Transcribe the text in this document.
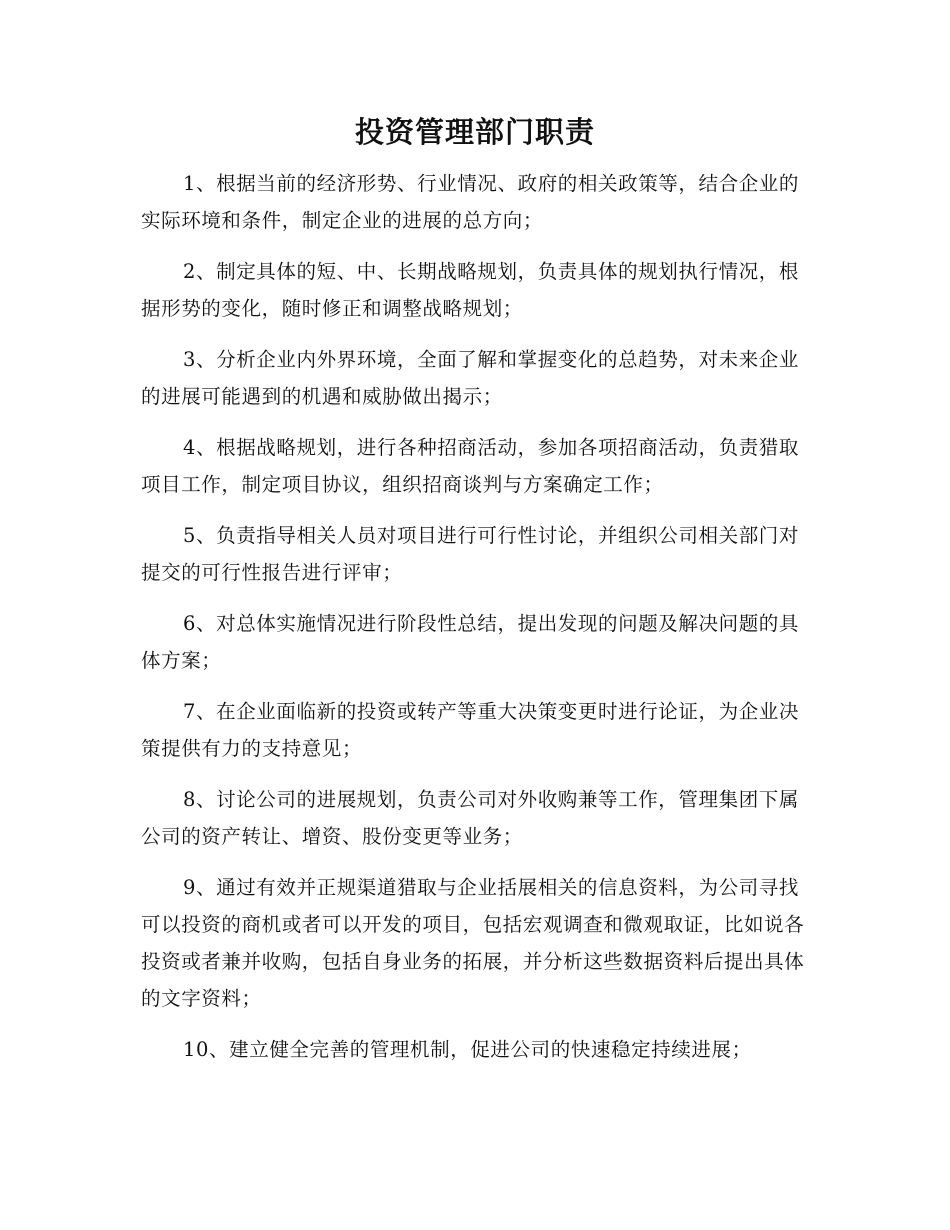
投资管理部门职责

1、根据当前的经济形势、行业情况、政府的相关政策等，结合企业的实际环境和条件，制定企业的进展的总方向；

2、制定具体的短、中、长期战略规划，负责具体的规划执行情况，根据形势的变化，随时修正和调整战略规划；

3、分析企业内外界环境，全面了解和掌握变化的总趋势，对未来企业的进展可能遇到的机遇和威胁做出揭示；

4、根据战略规划，进行各种招商活动，参加各项招商活动，负责猎取项目工作，制定项目协议，组织招商谈判与方案确定工作；

5、负责指导相关人员对项目进行可行性讨论，并组织公司相关部门对提交的可行性报告进行评审；

6、对总体实施情况进行阶段性总结，提出发现的问题及解决问题的具体方案；

7、在企业面临新的投资或转产等重大决策变更时进行论证，为企业决策提供有力的支持意见；

8、讨论公司的进展规划，负责公司对外收购兼等工作，管理集团下属公司的资产转让、增资、股份变更等业务；

9、通过有效并正规渠道猎取与企业括展相关的信息资料，为公司寻找可以投资的商机或者可以开发的项目，包括宏观调查和微观取证，比如说各投资或者兼并收购，包括自身业务的拓展，并分析这些数据资料后提出具体的文字资料；

10、建立健全完善的管理机制，促进公司的快速稳定持续进展；
